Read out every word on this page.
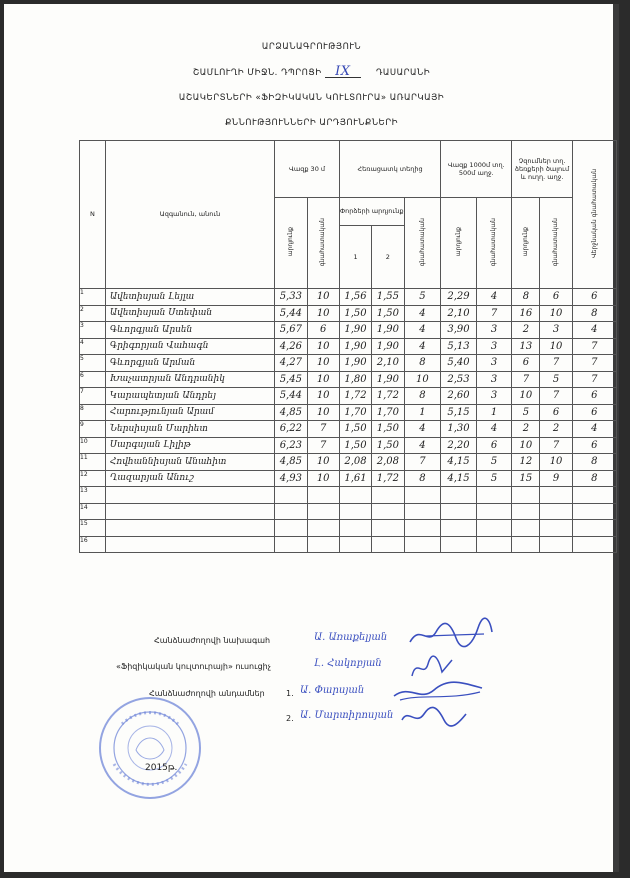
ԱՐՁԱՆԱԳՐՈՒԹՅՈՒՆ
ՇԱՄԼՈՒՂԻ ՄԻՋՆ. ԴՊՐՈՑԻ IX	ԴԱՍԱՐԱՆԻ
ԱՇԱԿԵՐՏՆԵՐԻ «ՖԻԶԻԿԱԿԱՆ ԿՈՒԼՏՈՒՐԱ» ԱՌԱՐԿԱՅԻ
ՔՆՆՈՒԹՅՈՒՆՆԵՐԻ ԱՐԴՅՈՒՆՔՆԵՐԻ
N	Ազգանուն, անուն	Վազք 30 մ		Հեռացատկ տեղից			Վազք 1000մ տղ. 500մ աղջ.		Չզումներ տղ. ձեռքերի ծալում և ուղղ. աղջ.		Վերջնական գնահատական
		արդյունք	գնահատական	Փորձերի արդյունք		գնահատական	արդյունք	գնահատական	արդյունք	գնահատական	
				1	2						
1	Ավետիսյան Լեյլա	5,33	10	1,56	1,55	5	2,29	4	8	6	6
2	Ավետիսյան Ստեփան	5,44	10	1,50	1,50	4	2,10	7	16	10	8
3	Գևորգյան Արսեն	5,67	6	1,90	1,90	4	3,90	3	2	3	4
4	Գրիգորյան Վահագն	4,26	10	1,90	1,90	4	5,13	3	13	10	7
5	Գևորգյան Արման	4,27	10	1,90	2,10	8	5,40	3	6	7	7
6	Խաչատրյան Անդրանիկ	5,45	10	1,80	1,90	10	2,53	3	7	5	7
7	Կարապետյան Անդրեյ	5,44	10	1,72	1,72	8	2,60	3	10	7	6
8	Հարությունյան Արամ	4,85	10	1,70	1,70	1	5,15	1	5	6	6
9	Ներսիսյան Մարիետ	6,22	7	1,50	1,50	4	1,30	4	2	2	4
10	Սարգսյան Լիլիթ	6,23	7	1,50	1,50	4	2,20	6	10	7	6
11	Հովհաննիսյան Անահիտ	4,85	10	2,08	2,08	7	4,15	5	12	10	8
12	Ղազարյան Անուշ	4,93	10	1,61	1,72	8	4,15	5	15	9	8
13											
14											
15											
16											
Հանձնաժողովի նախագահ	Ա. Առաքելյան
«Ֆիզիկական կուլտուրայի» ուսուցիչ	Լ. Հակոբյան
Հանձնաժողովի անդամներ	1. Ա. Փարսյան
2. Ա. Մարտիրոսյան
2015թ.
